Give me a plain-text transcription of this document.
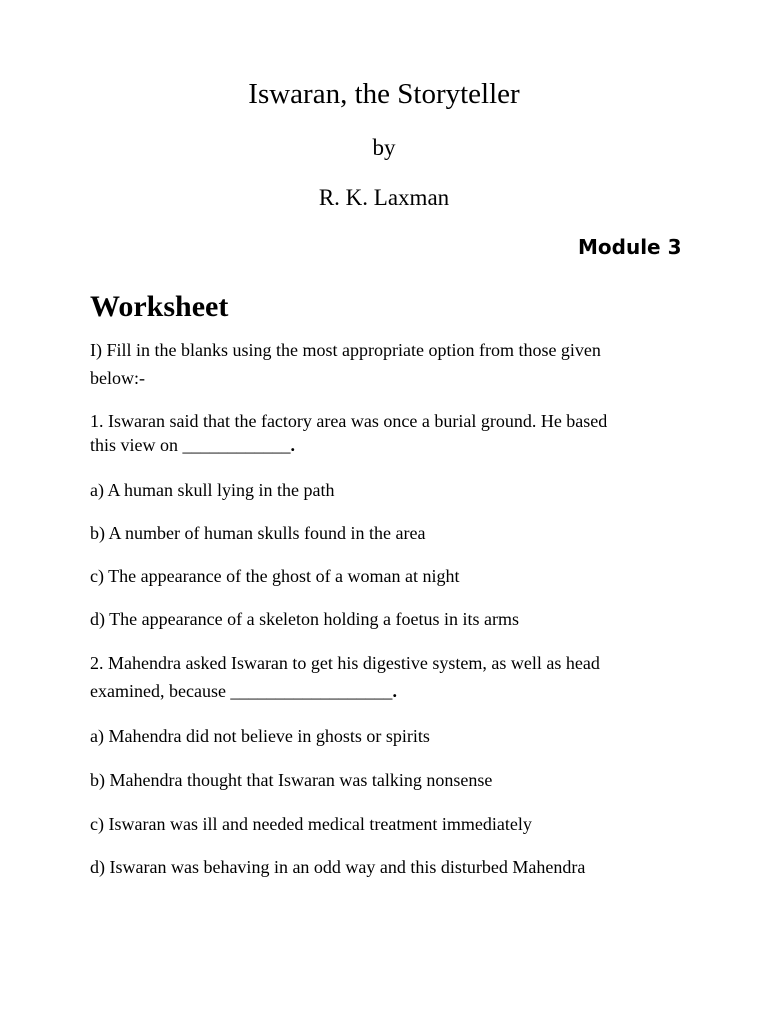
Iswaran, the Storyteller
by
R. K. Laxman
Module 3
Worksheet
I) Fill in the blanks using the most appropriate option from those given
below:-
1. Iswaran said that the factory area was once a burial ground. He based
this view on ____________.
a) A human skull lying in the path
b) A number of human skulls found in the area
c) The appearance of the ghost of a woman at night
d) The appearance of a skeleton holding a foetus in its arms
2. Mahendra asked Iswaran to get his digestive system, as well as head
examined, because __________________.
a) Mahendra did not believe in ghosts or spirits
b) Mahendra thought that Iswaran was talking nonsense
c) Iswaran was ill and needed medical treatment immediately
d) Iswaran was behaving in an odd way and this disturbed Mahendra
